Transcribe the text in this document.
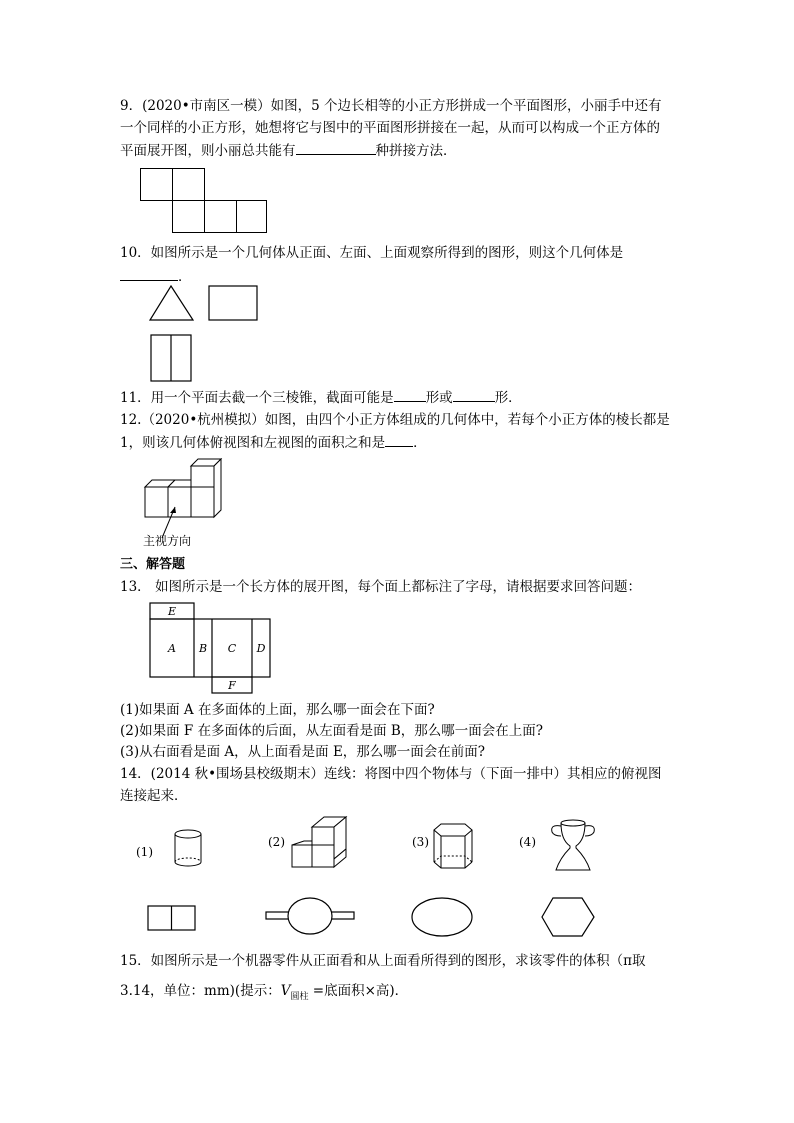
9．(2020•市南区一模）如图，5 个边长相等的小正方形拼成一个平面图形，小丽手中还有
一个同样的小正方形，她想将它与图中的平面图形拼接在一起，从而可以构成一个正方体的
平面展开图，则小丽总共能有	种拼接方法．
10．如图所示是一个几何体从正面、左面、上面观察所得到的图形，则这个几何体是
．
11．用一个平面去截一个三棱锥，截面可能是 形或	形．
12.（2020•杭州模拟）如图，由四个小正方体组成的几何体中，若每个小正方体的棱长都是
1，则该几何体俯视图和左视图的面积之和是 ．
主视方向
三、解答题
13． 如图所示是一个长方体的展开图，每个面上都标注了字母，请根据要求回答问题：
E
A B C D
F
(1)如果面 A 在多面体的上面，那么哪一面会在下面?
(2)如果面 F 在多面体的后面，从左面看是面 B，那么哪一面会在上面?
(3)从右面看是面 A，从上面看是面 E，那么哪一面会在前面?
14．(2014 秋•围场县校级期末）连线：将图中四个物体与（下面一排中）其相应的俯视图
连接起来．
(1)
(2)	(3)	(4)
15．如图所示是一个机器零件从正面看和从上面看所得到的图形，求该零件的体积（π取
3.14，单位：mm)(提示：$V_{圆柱}$ =底面积×高)．
